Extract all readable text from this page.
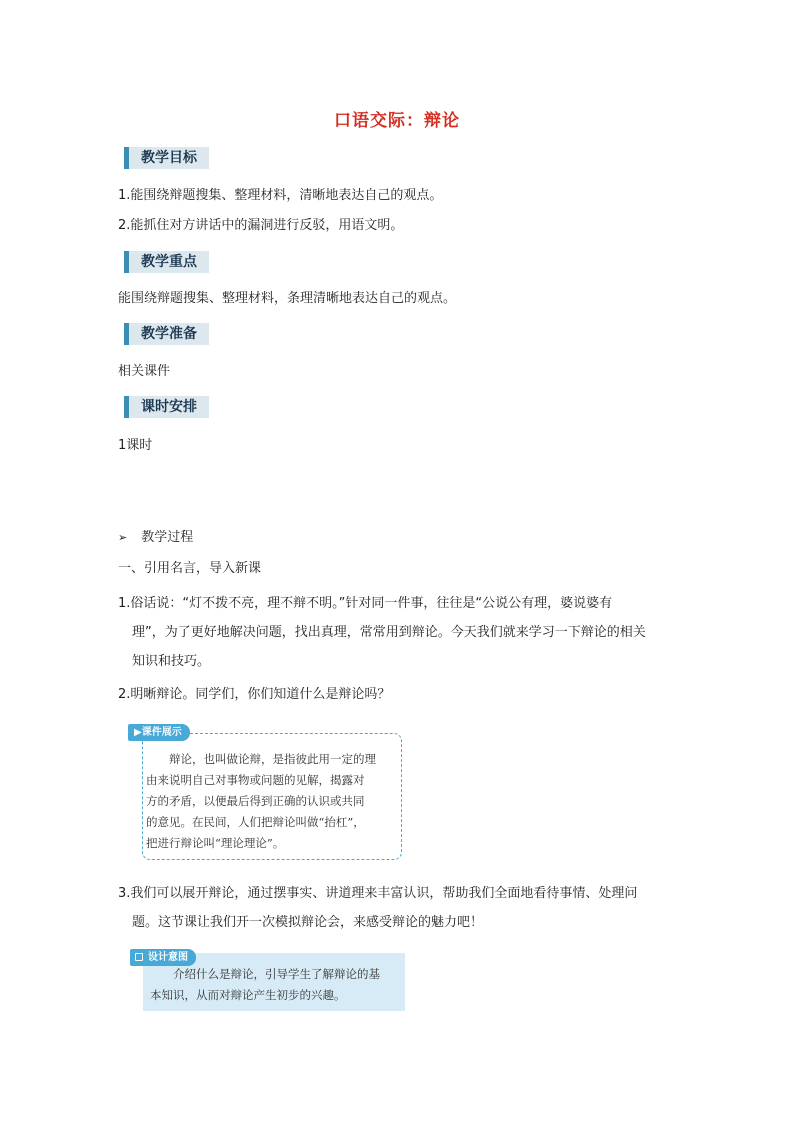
口语交际：辩论
教学目标
1.能围绕辩题搜集、整理材料，清晰地表达自己的观点。
2.能抓住对方讲话中的漏洞进行反驳，用语文明。
教学重点
能围绕辩题搜集、整理材料，条理清晰地表达自己的观点。
教学准备
相关课件
课时安排
1课时
➢ 教学过程
一、引用名言，导入新课
1.俗话说：“灯不拨不亮，理不辩不明。”针对同一件事，往往是“公说公有理，婆说婆有
理”，为了更好地解决问题，找出真理，常常用到辩论。今天我们就来学习一下辩论的相关
知识和技巧。
2.明晰辩论。同学们，你们知道什么是辩论吗？
▶课件展示

　　辩论，也叫做论辩，是指彼此用一定的理

由来说明自己对事物或问题的见解，揭露对

方的矛盾，以便最后得到正确的认识或共同

的意见。在民间，人们把辩论叫做“抬杠”，

把进行辩论叫“理论理论”。

3.我们可以展开辩论，通过摆事实、讲道理来丰富认识，帮助我们全面地看待事情、处理问
题。这节课让我们开一次模拟辩论会，来感受辩论的魅力吧！
设计意图

　　介绍什么是辩论，引导学生了解辩论的基

本知识，从而对辩论产生初步的兴趣。
